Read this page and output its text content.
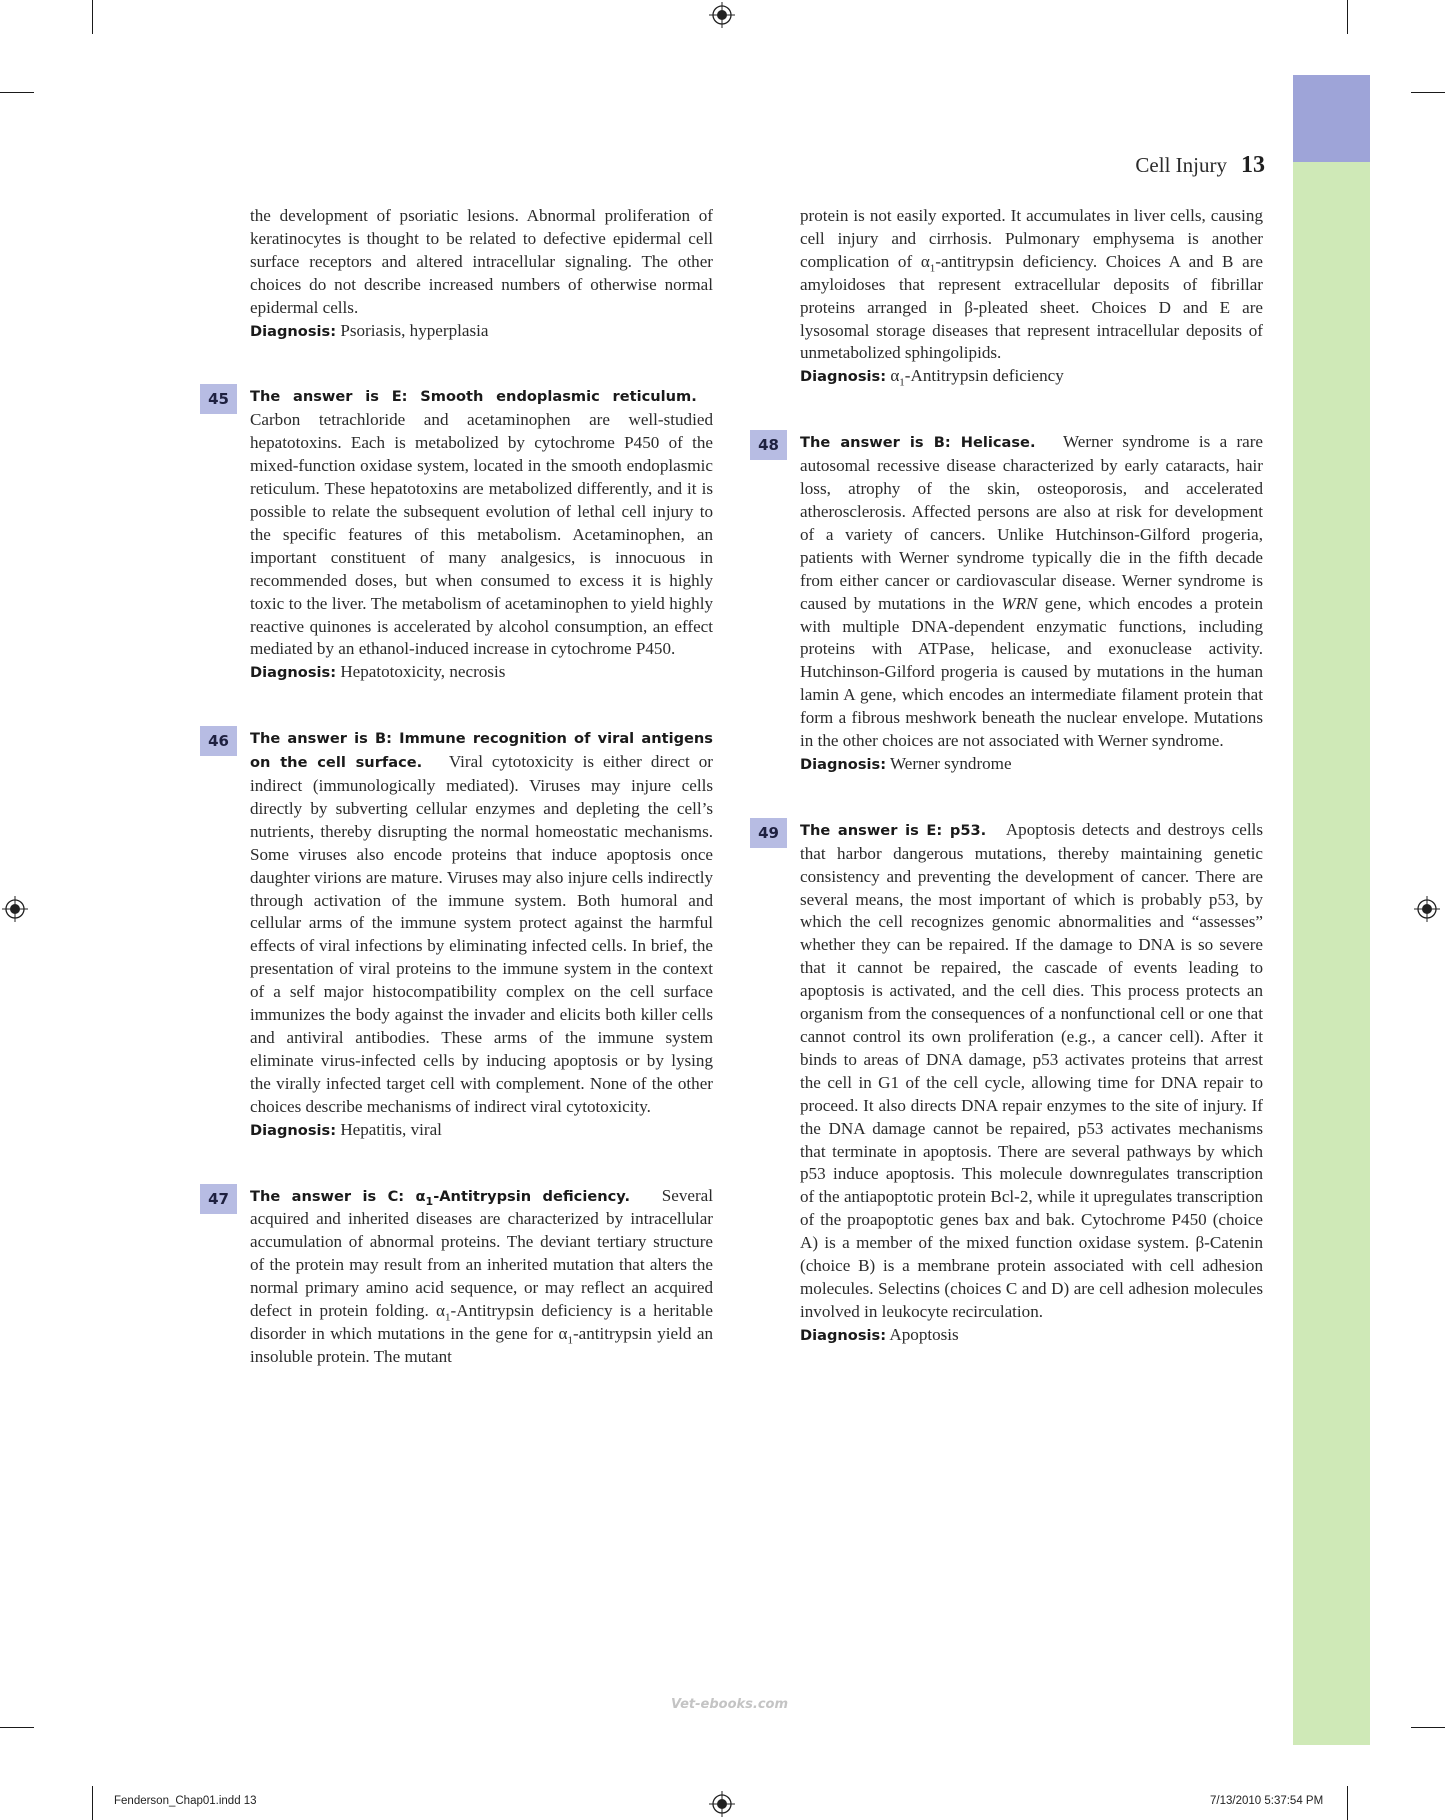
Cell Injury 13

the development of psoriatic lesions. Abnormal proliferation of keratinocytes is thought to be related to defective epidermal cell surface receptors and altered intracellular signaling. The other choices do not describe increased numbers of otherwise normal epidermal cells.

Diagnosis: Psoriasis, hyperplasia

45	The answer is E: Smooth endoplasmic reticulum.   Carbon tetrachloride and acetaminophen are well-studied hepatotoxins. Each is metabolized by cytochrome P450 of the mixed-function oxidase system, located in the smooth endoplasmic reticulum. These hepatotoxins are metabolized differently, and it is possible to relate the subsequent evolution of lethal cell injury to the specific features of this metabolism. Acetaminophen, an important constituent of many analgesics, is innocuous in recommended doses, but when consumed to excess it is highly toxic to the liver. The metabolism of acetaminophen to yield highly reactive quinones is accelerated by alcohol consumption, an effect mediated by an ethanol-induced increase in cytochrome P450.

Diagnosis: Hepatotoxicity, necrosis

46	The answer is B: Immune recognition of viral antigens on the cell surface. Viral cytotoxicity is either direct or indirect (immunologically mediated). Viruses may injure cells directly by subverting cellular enzymes and depleting the cell’s nutrients, thereby disrupting the normal homeostatic mechanisms. Some viruses also encode proteins that induce apoptosis once daughter virions are mature. Viruses may also injure cells indirectly through activation of the immune system. Both humoral and cellular arms of the immune system protect against the harmful effects of viral infections by eliminating infected cells. In brief, the presentation of viral proteins to the immune system in the context of a self major histocompatibility complex on the cell surface immunizes the body against the invader and elicits both killer cells and antiviral antibodies. These arms of the immune system eliminate virus-infected cells by inducing apoptosis or by lysing the virally infected target cell with complement. None of the other choices describe mechanisms of indirect viral cytotoxicity.

Diagnosis: Hepatitis, viral

47	The answer is C: $\alpha_1$-Antitrypsin deficiency. Several acquired and inherited diseases are characterized by intracellular accumulation of abnormal proteins. The deviant tertiary structure of the protein may result from an inherited mutation that alters the normal primary amino acid sequence, or may reflect an acquired defect in protein folding. $\alpha_1$-Antitrypsin deficiency is a heritable disorder in which mutations in the gene for $\alpha_1$-antitrypsin yield an insoluble protein. The mutant

protein is not easily exported. It accumulates in liver cells, causing cell injury and cirrhosis. Pulmonary emphysema is another complication of $\alpha_1$-antitrypsin deficiency. Choices A and B are amyloidoses that represent extracellular deposits of fibrillar proteins arranged in β-pleated sheet. Choices D and E are lysosomal storage diseases that represent intracellular deposits of unmetabolized sphingolipids.

Diagnosis: $\alpha_1$-Antitrypsin deficiency

48	The answer is B: Helicase. Werner syndrome is a rare autosomal recessive disease characterized by early cataracts, hair loss, atrophy of the skin, osteoporosis, and accelerated atherosclerosis. Affected persons are also at risk for development of a variety of cancers. Unlike Hutchinson-Gilford progeria, patients with Werner syndrome typically die in the fifth decade from either cancer or cardiovascular disease. Werner syndrome is caused by mutations in the WRN gene, which encodes a protein with multiple DNA-dependent enzymatic functions, including proteins with ATPase, helicase, and exonuclease activity. Hutchinson-Gilford progeria is caused by mutations in the human lamin A gene, which encodes an intermediate filament protein that form a fibrous meshwork beneath the nuclear envelope. Mutations in the other choices are not associated with Werner syndrome.

Diagnosis: Werner syndrome

49	The answer is E: p53. Apoptosis detects and destroys cells that harbor dangerous mutations, thereby maintaining genetic consistency and preventing the development of cancer. There are several means, the most important of which is probably p53, by which the cell recognizes genomic abnormalities and “assesses” whether they can be repaired. If the damage to DNA is so severe that it cannot be repaired, the cascade of events leading to apoptosis is activated, and the cell dies. This process protects an organism from the consequences of a nonfunctional cell or one that cannot control its own proliferation (e.g., a cancer cell). After it binds to areas of DNA damage, p53 activates proteins that arrest the cell in G1 of the cell cycle, allowing time for DNA repair to proceed. It also directs DNA repair enzymes to the site of injury. If the DNA damage cannot be repaired, p53 activates mechanisms that terminate in apoptosis. There are several pathways by which p53 induce apoptosis. This molecule downregulates transcription of the antiapoptotic protein Bcl-2, while it upregulates transcription of the proapoptotic genes bax and bak. Cytochrome P450 (choice A) is a member of the mixed function oxidase system. β-Catenin (choice B) is a membrane protein associated with cell adhesion molecules. Selectins (choices C and D) are cell adhesion molecules involved in leukocyte recirculation.

Diagnosis: Apoptosis

Vet-ebooks.com
Fenderson_Chap01.indd 13	7/13/2010 5:37:54 PM
